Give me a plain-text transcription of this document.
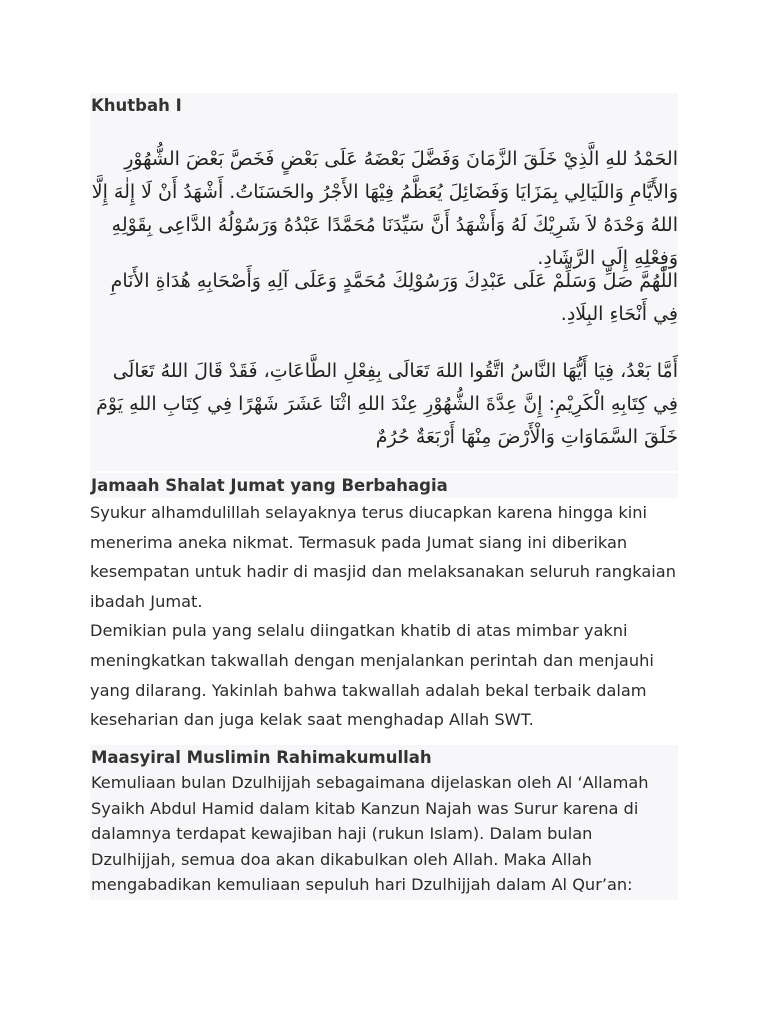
Khutbah I

الحَمْدُ للهِ الَّذِيْ خَلَقَ الزَّمَانَ وَفَضَّلَ بَعْضَهُ عَلَى بَعْضٍ فَخَصَّ بَعْضَ الشُّهُوْرِ وَالأَيَّامِ وَاللَيَالِي بِمَزَايَا وَفَضَائِلَ يُعَظَّمُ فِيْهَا الأَجْرُ والحَسَنَاتُ. أَشْهَدُ أَنْ لَا إِلٰهَ إِلَّا اللهُ وَحْدَهُ لاَ شَرِيْكَ لَهُ وَأَشْهَدُ أَنَّ سَيِّدَنَا مُحَمَّدًا عَبْدُهُ وَرَسُوْلُهُ الدَّاعِى بِقَوْلِهِ وَفِعْلِهِ إِلَى الرَّشَادِ.

اللّٰهُمَّ صَلِّ وَسَلِّمْ عَلَى عَبْدِكَ وَرَسُوْلِكَ مُحَمَّدٍ وَعَلَى آلِهِ وَأَصْحَابِهِ هُدَاةِ الأَنَامِ فِي أَنْحَاءِ البِلَادِ.

أَمَّا بَعْدُ، فِيَا أَيُّهَا النَّاسُ اتَّقُوا اللهَ تَعَالَى بِفِعْلِ الطَّاعَاتِ، فَقَدْ قَالَ اللهُ تَعَالَى فِي كِتَابِهِ الْكَرِيْمِ: إِنَّ عِدَّةَ الشُّهُوْرِ عِنْدَ اللهِ اثْنَا عَشَرَ شَهْرًا فِي كِتَابِ اللهِ يَوْمَ خَلَقَ السَّمَاوَاتِ وَالْأَرْضَ مِنْهَا أَرْبَعَةٌ حُرُمٌ

Jamaah Shalat Jumat yang Berbahagia

Syukur alhamdulillah selayaknya terus diucapkan karena hingga kini menerima aneka nikmat. Termasuk pada Jumat siang ini diberikan kesempatan untuk hadir di masjid dan melaksanakan seluruh rangkaian ibadah Jumat.

Demikian pula yang selalu diingatkan khatib di atas mimbar yakni meningkatkan takwallah dengan menjalankan perintah dan menjauhi yang dilarang. Yakinlah bahwa takwallah adalah bekal terbaik dalam keseharian dan juga kelak saat menghadap Allah SWT.

Maasyiral Muslimin Rahimakumullah

Kemuliaan bulan Dzulhijjah sebagaimana dijelaskan oleh Al ‘Allamah Syaikh Abdul Hamid dalam kitab Kanzun Najah was Surur karena di dalamnya terdapat kewajiban haji (rukun Islam). Dalam bulan Dzulhijjah, semua doa akan dikabulkan oleh Allah. Maka Allah mengabadikan kemuliaan sepuluh hari Dzulhijjah dalam Al Qur’an:
